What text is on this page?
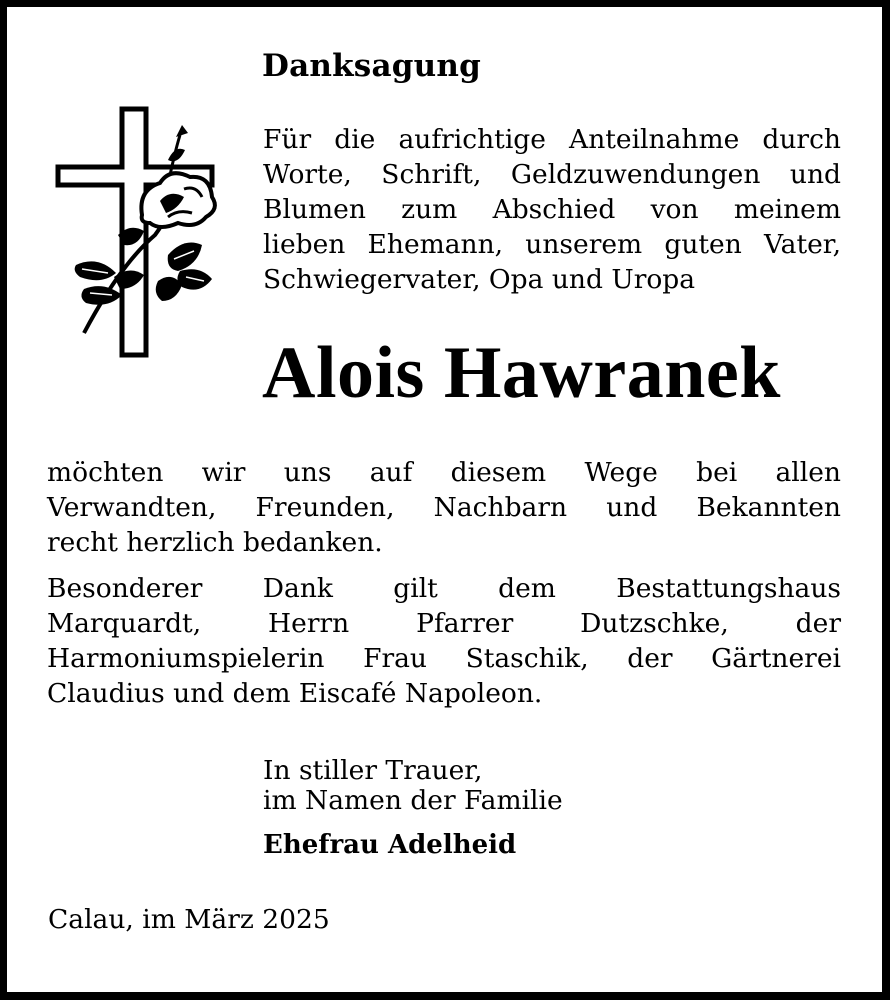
Danksagung
Für die aufrichtige Anteilnahme durch
Worte, Schrift, Geldzuwendungen und
Blumen zum Abschied von meinem
lieben Ehemann, unserem guten Vater,
Schwiegervater, Opa und Uropa
Alois Hawranek
möchten wir uns auf diesem Wege bei allen
Verwandten, Freunden, Nachbarn und Bekannten
recht herzlich bedanken.
Besonderer Dank gilt dem Bestattungshaus
Marquardt, Herrn Pfarrer Dutzschke, der
Harmoniumspielerin Frau Staschik, der Gärtnerei
Claudius und dem Eiscafé Napoleon.
In stiller Trauer,
im Namen der Familie
Ehefrau Adelheid
Calau, im März 2025
